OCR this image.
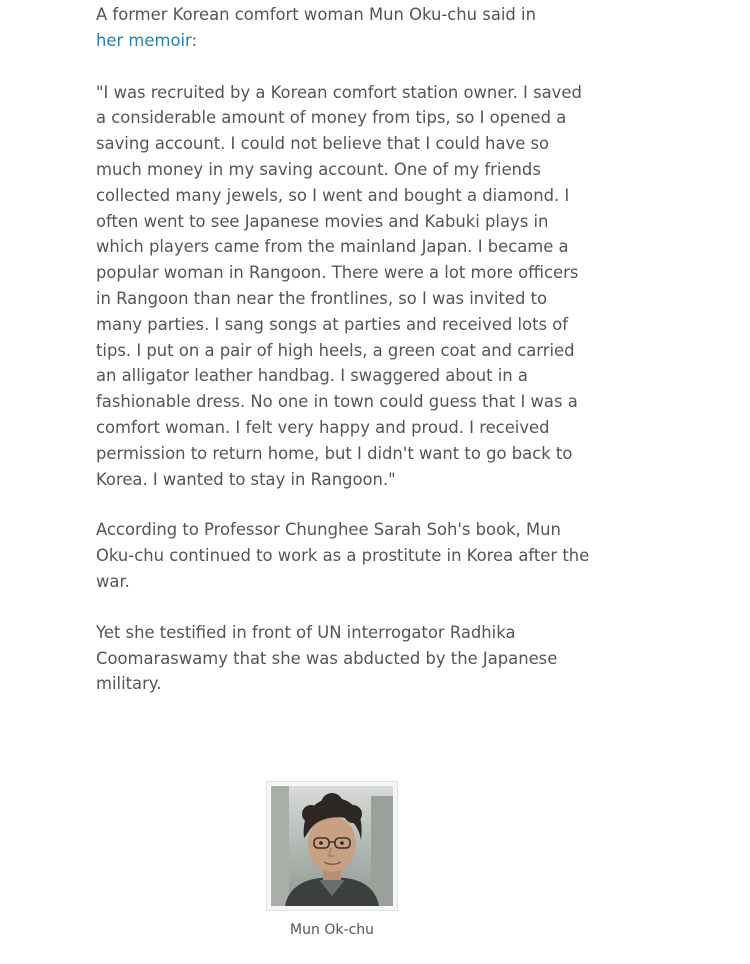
A former Korean comfort woman Mun Oku-chu said in
her memoir:

"I was recruited by a Korean comfort station owner. I saved a considerable amount of money from tips, so I opened a saving account. I could not believe that I could have so much money in my saving account. One of my friends collected many jewels, so I went and bought a diamond. I often went to see Japanese movies and Kabuki plays in which players came from the mainland Japan. I became a popular woman in Rangoon. There were a lot more officers in Rangoon than near the frontlines, so I was invited to many parties. I sang songs at parties and received lots of tips. I put on a pair of high heels, a green coat and carried an alligator leather handbag. I swaggered about in a fashionable dress. No one in town could guess that I was a comfort woman. I felt very happy and proud. I received permission to return home, but I didn't want to go back to Korea. I wanted to stay in Rangoon."

According to Professor Chunghee Sarah Soh's book, Mun Oku-chu continued to work as a prostitute in Korea after the war.

Yet she testified in front of UN interrogator Radhika Coomaraswamy that she was abducted by the Japanese military.

Mun Ok-chu
